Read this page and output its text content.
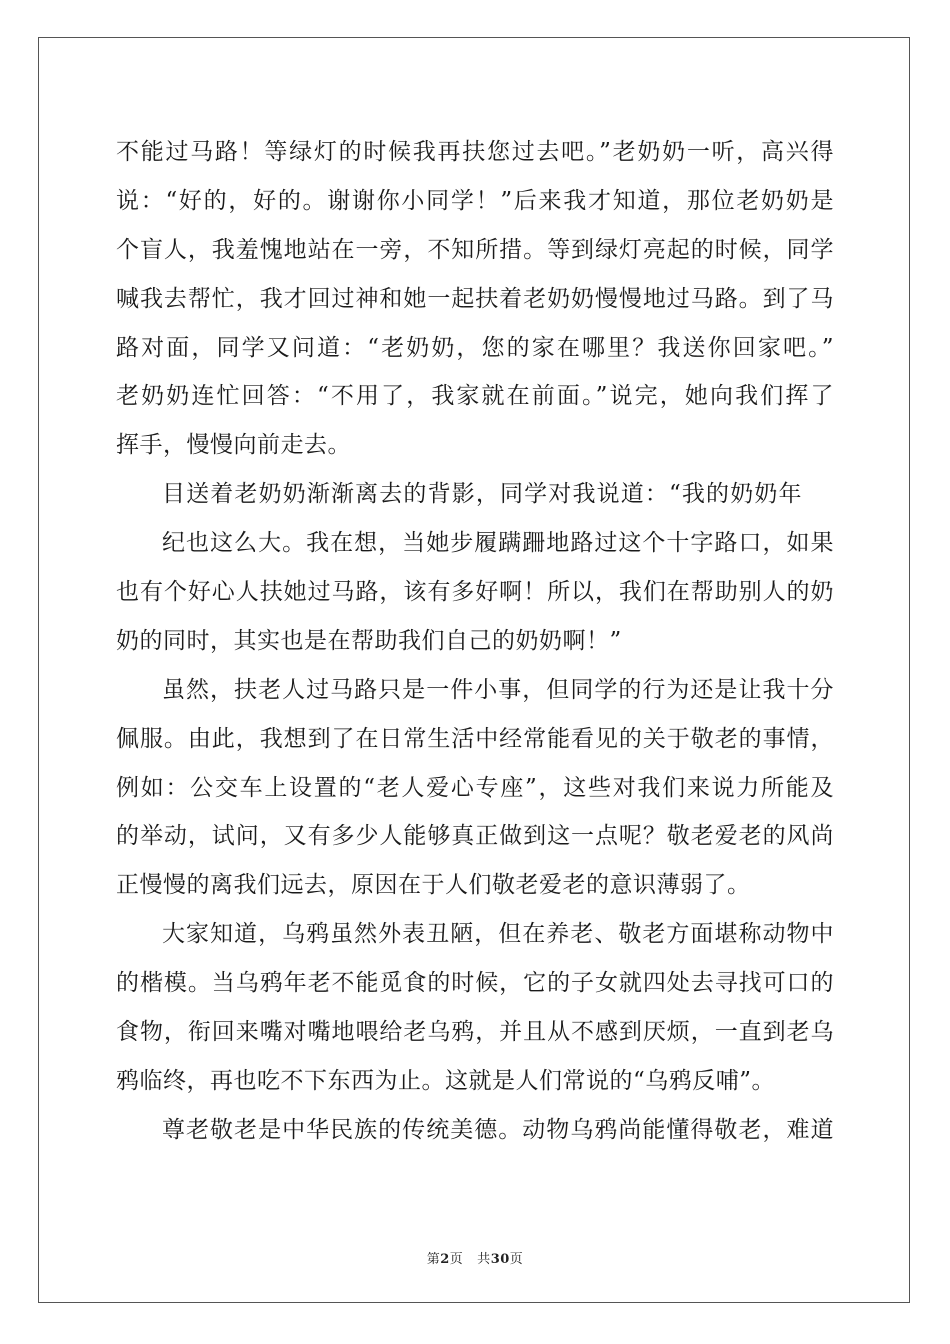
不能过马路！等绿灯的时候我再扶您过去吧。”老奶奶一听，高兴得
说：“好的，好的。谢谢你小同学！”后来我才知道，那位老奶奶是
个盲人，我羞愧地站在一旁，不知所措。等到绿灯亮起的时候，同学
喊我去帮忙，我才回过神和她一起扶着老奶奶慢慢地过马路。到了马
路对面，同学又问道：“老奶奶，您的家在哪里？我送你回家吧。”
老奶奶连忙回答：“不用了，我家就在前面。”说完，她向我们挥了
挥手，慢慢向前走去。
目送着老奶奶渐渐离去的背影，同学对我说道：“我的奶奶年
纪也这么大。我在想，当她步履蹒跚地路过这个十字路口，如果
也有个好心人扶她过马路，该有多好啊！所以，我们在帮助别人的奶
奶的同时，其实也是在帮助我们自己的奶奶啊！”
虽然，扶老人过马路只是一件小事，但同学的行为还是让我十分
佩服。由此，我想到了在日常生活中经常能看见的关于敬老的事情，
例如：公交车上设置的“老人爱心专座”，这些对我们来说力所能及
的举动，试问，又有多少人能够真正做到这一点呢？敬老爱老的风尚
正慢慢的离我们远去，原因在于人们敬老爱老的意识薄弱了。
大家知道，乌鸦虽然外表丑陋，但在养老、敬老方面堪称动物中
的楷模。当乌鸦年老不能觅食的时候，它的子女就四处去寻找可口的
食物，衔回来嘴对嘴地喂给老乌鸦，并且从不感到厌烦，一直到老乌
鸦临终，再也吃不下东西为止。这就是人们常说的“乌鸦反哺”。
尊老敬老是中华民族的传统美德。动物乌鸦尚能懂得敬老，难道
第2页 共30页
